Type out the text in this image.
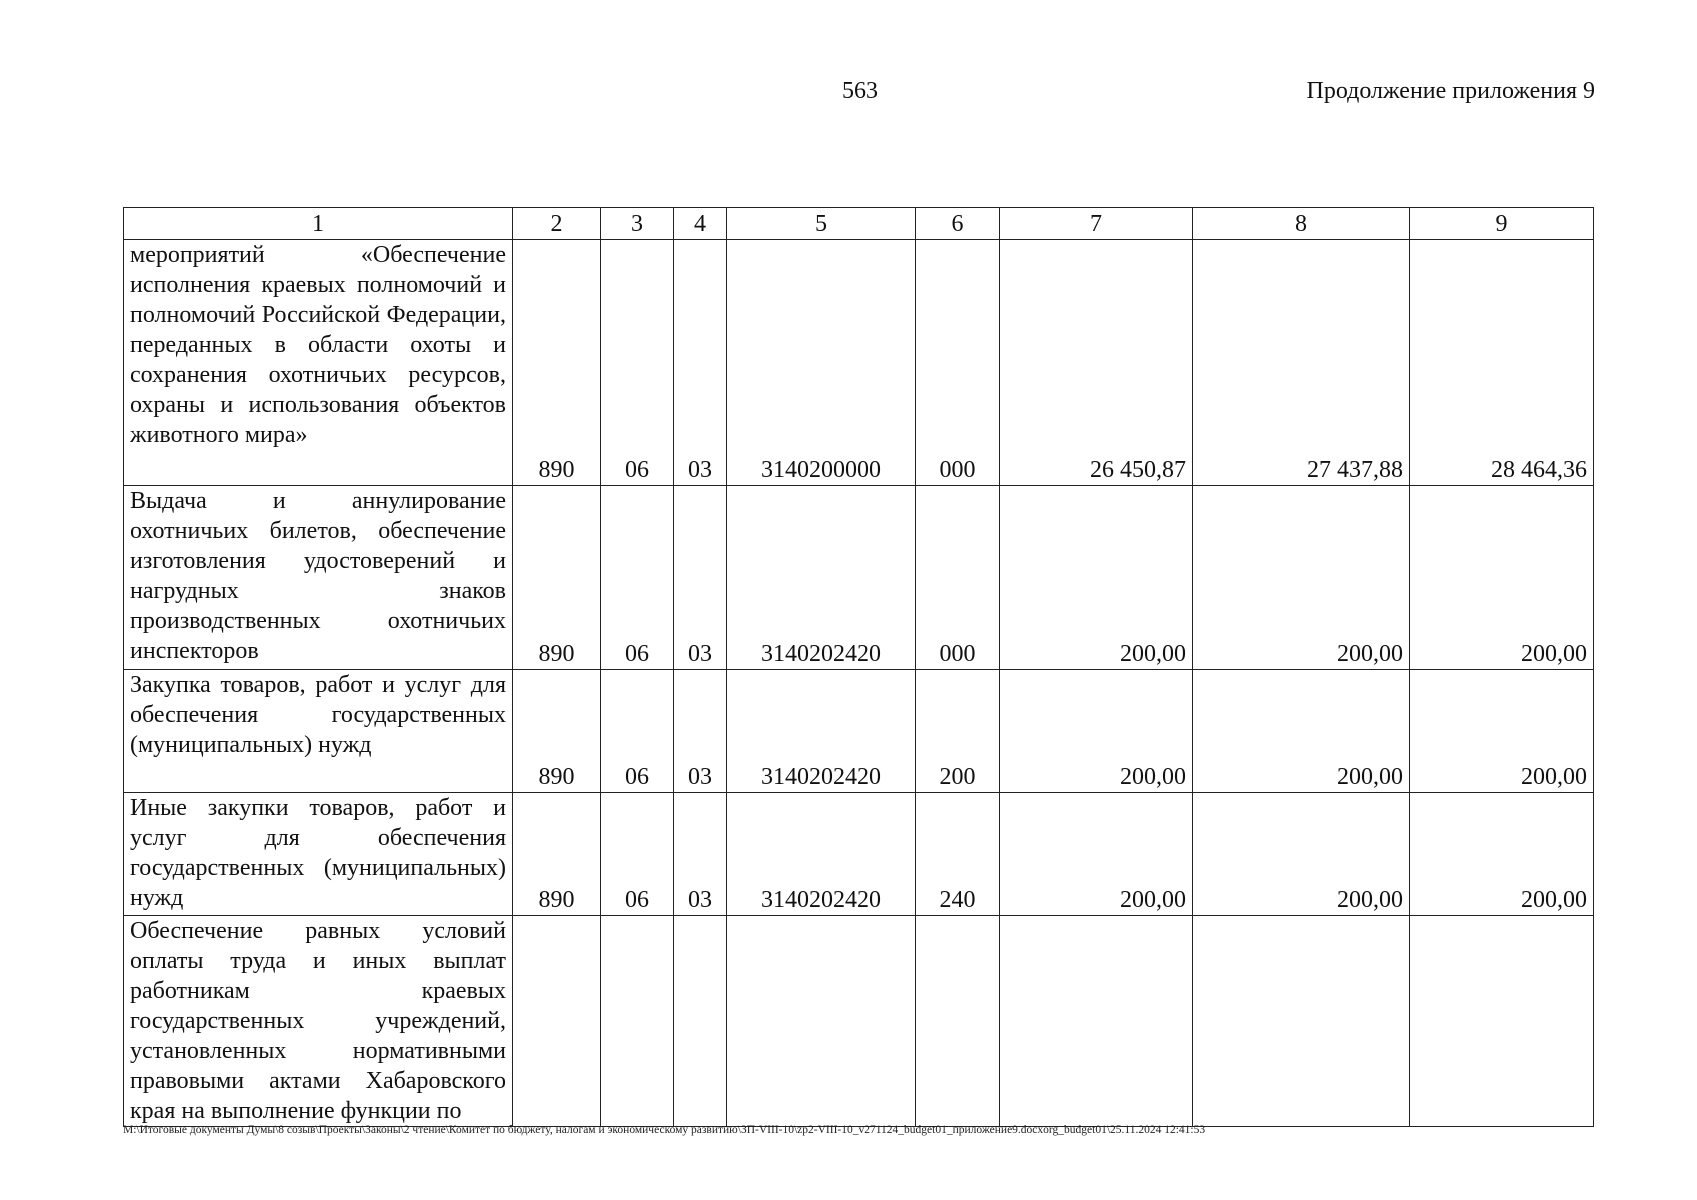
563	Продолжение приложения 9
1	2	3	4	5	6	7	8	9

мероприятий «Обеспечение исполнения краевых полномочий и полномочий Российской Федерации, переданных в области охоты и сохранения охотничьих ресурсов, охраны и использования объектов животного мира»	890	06	03	3140200000	000	26 450,87	27 437,88	28 464,36

Выдача и аннулирование охотничьих билетов, обеспечение изготовления удостоверений и нагрудных знаков производственных охотничьих инспекторов	890	06	03	3140202420	000	200,00	200,00	200,00

Закупка товаров, работ и услуг для обеспечения государственных (муниципальных) нужд	890	06	03	3140202420	200	200,00	200,00	200,00

Иные закупки товаров, работ и услуг для обеспечения государственных (муниципальных) нужд	890	06	03	3140202420	240	200,00	200,00	200,00

Обеспечение равных условий оплаты труда и иных выплат работникам краевых государственных учреждений, установленных нормативными правовыми актами Хабаровского края на выполнение функции по								

М:\Итоговые документы Думы\8 созыв\Проекты\Законы\2 чтение\Комитет по бюджету, налогам и экономическому развитию\ЗП-VIII-10\zp2-VIII-10_v271124_budget01_приложение9.docxorg_budget01\25.11.2024 12:41:53
